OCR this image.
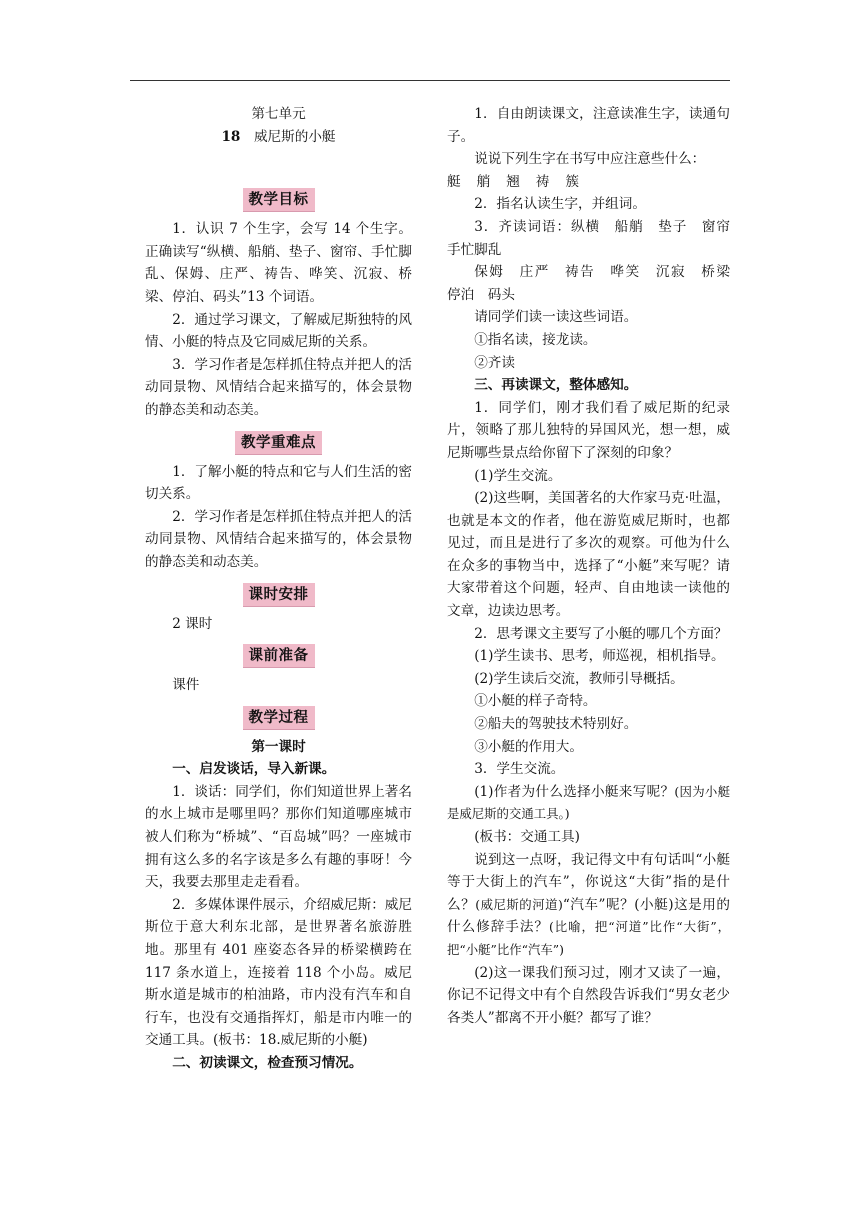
第七单元

18　 威尼斯的小艇

教学目标

1．认识 7 个生字，会写 14 个生字。正确读写“纵横、船艄、垫子、窗帘、手忙脚乱、保姆、庄严、祷告、哗笑、沉寂、桥梁、停泊、码头”13 个词语。

2．通过学习课文，了解威尼斯独特的风情、小艇的特点及它同威尼斯的关系。

3．学习作者是怎样抓住特点并把人的活动同景物、风情结合起来描写的，体会景物的静态美和动态美。

教学重难点

1．了解小艇的特点和它与人们生活的密切关系。

2．学习作者是怎样抓住特点并把人的活动同景物、风情结合起来描写的，体会景物的静态美和动态美。

课时安排

2 课时

课前准备

课件

教学过程

第一课时

一、启发谈话，导入新课。

1．谈话：同学们，你们知道世界上著名的水上城市是哪里吗？那你们知道哪座城市被人们称为“桥城”、“百岛城”吗？一座城市拥有这么多的名字该是多么有趣的事呀！今天，我要去那里走走看看。

2．多媒体课件展示，介绍威尼斯：威尼斯位于意大利东北部，是世界著名旅游胜地。那里有 401 座姿态各异的桥梁横跨在 117 条水道上，连接着 118 个小岛。威尼斯水道是城市的柏油路，市内没有汽车和自行车，也没有交通指挥灯，船是市内唯一的交通工具。(板书：18.威尼斯的小艇)

二、初读课文，检查预习情况。

1．自由朗读课文，注意读准生字，读通句子。

说说下列生字在书写中应注意些什么：

艇 艄 翘 祷 簇

2．指名认读生字，并组词。

3．齐读词语：纵横　船艄　垫子　窗帘　手忙脚乱

保姆　庄严　祷告　哗笑　沉寂　桥梁　停泊　码头

请同学们读一读这些词语。

①指名读，接龙读。

②齐读

三、再读课文，整体感知。

1．同学们，刚才我们看了威尼斯的纪录片，领略了那儿独特的异国风光，想一想，威尼斯哪些景点给你留下了深刻的印象？

(1)学生交流。

(2)这些啊，美国著名的大作家马克·吐温，也就是本文的作者，他在游览威尼斯时，也都见过，而且是进行了多次的观察。可他为什么在众多的事物当中，选择了“小艇”来写呢？请大家带着这个问题，轻声、自由地读一读他的文章，边读边思考。

2．思考课文主要写了小艇的哪几个方面？

(1)学生读书、思考，师巡视，相机指导。

(2)学生读后交流，教师引导概括。

①小艇的样子奇特。

②船夫的驾驶技术特别好。

③小艇的作用大。

3．学生交流。

(1)作者为什么选择小艇来写呢？(因为小艇是威尼斯的交通工具。)

(板书：交通工具)

说到这一点呀，我记得文中有句话叫“小艇等于大街上的汽车”，你说这“大街”指的是什么？(威尼斯的河道)“汽车”呢？(小艇)这是用的什么修辞手法？(比喻，把“河道”比作“大街”，把“小艇”比作“汽车”)

(2)这一课我们预习过，刚才又读了一遍，你记不记得文中有个自然段告诉我们“男女老少各类人”都离不开小艇？都写了谁？
